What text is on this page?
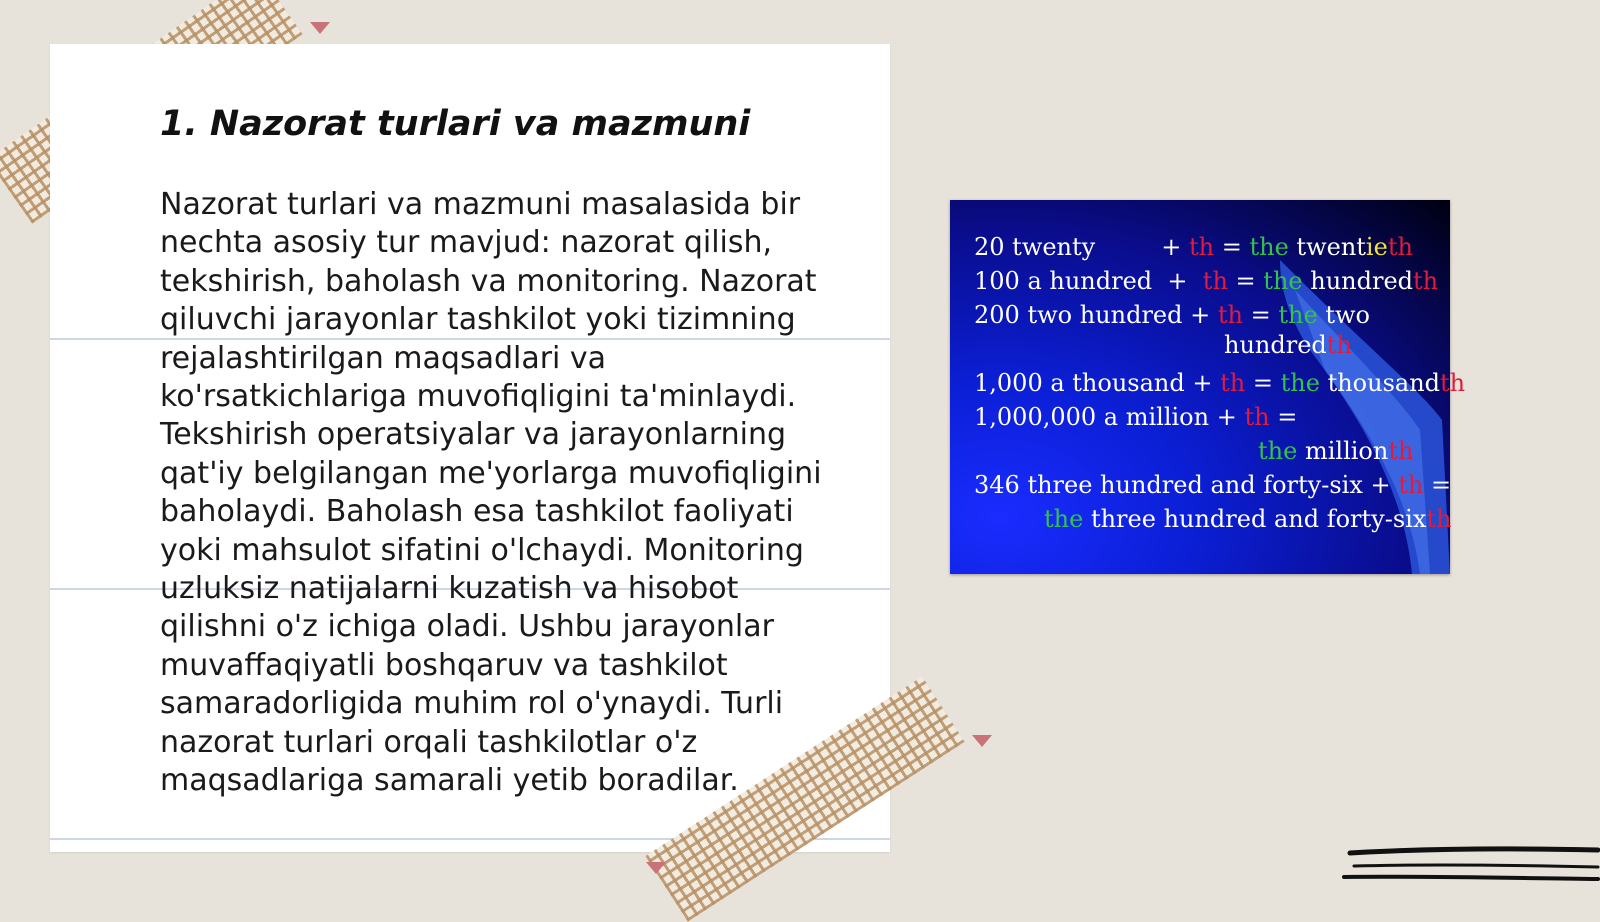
1. Nazorat turlari va mazmuni

Nazorat turlari va mazmuni masalasida bir nechta asosiy tur mavjud: nazorat qilish, tekshirish, baholash va monitoring. Nazorat qiluvchi jarayonlar tashkilot yoki tizimning rejalashtirilgan maqsadlari va ko'rsatkichlariga muvofiqligini ta'minlaydi. Tekshirish operatsiyalar va jarayonlarning qat'iy belgilangan me'yorlarga muvofiqligini baholaydi. Baholash esa tashkilot faoliyati yoki mahsulot sifatini o'lchaydi. Monitoring uzluksiz natijalarni kuzatish va hisobot qilishni o'z ichiga oladi. Ushbu jarayonlar muvaffaqiyatli boshqaruv va tashkilot samaradorligida muhim rol o'ynaydi. Turli nazorat turlari orqali tashkilotlar o'z maqsadlariga samarali yetib boradilar.

20 twenty	+ th = the twentieth
100 a hundred + th = the hundredth
200 two hundred + th = the two
hundredth
1,000 a thousand + th = the thousandth
1,000,000 a million + th =
the millionth
346 three hundred and forty-six + th =
the three hundred and forty-sixth
